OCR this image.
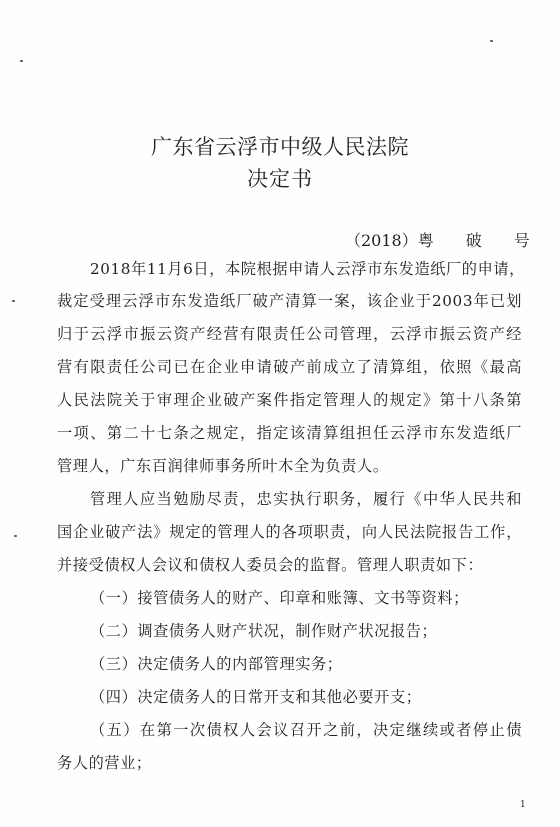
广东省云浮市中级人民法院
决定书
（2018）粤　　破　　号
2018年11月6日，本院根据申请人云浮市东发造纸厂的申请，
裁定受理云浮市东发造纸厂破产清算一案，该企业于2003年已划
归于云浮市振云资产经营有限责任公司管理，云浮市振云资产经
营有限责任公司已在企业申请破产前成立了清算组，依照《最高
人民法院关于审理企业破产案件指定管理人的规定》第十八条第
一项、第二十七条之规定，指定该清算组担任云浮市东发造纸厂
管理人，广东百润律师事务所叶木全为负责人。
管理人应当勉励尽责，忠实执行职务，履行《中华人民共和
国企业破产法》规定的管理人的各项职责，向人民法院报告工作，
并接受债权人会议和债权人委员会的监督。管理人职责如下：
（一）接管债务人的财产、印章和账簿、文书等资料；
（二）调查债务人财产状况，制作财产状况报告；
（三）决定债务人的内部管理实务；
（四）决定债务人的日常开支和其他必要开支；
（五）在第一次债权人会议召开之前，决定继续或者停止债
务人的营业；
1
